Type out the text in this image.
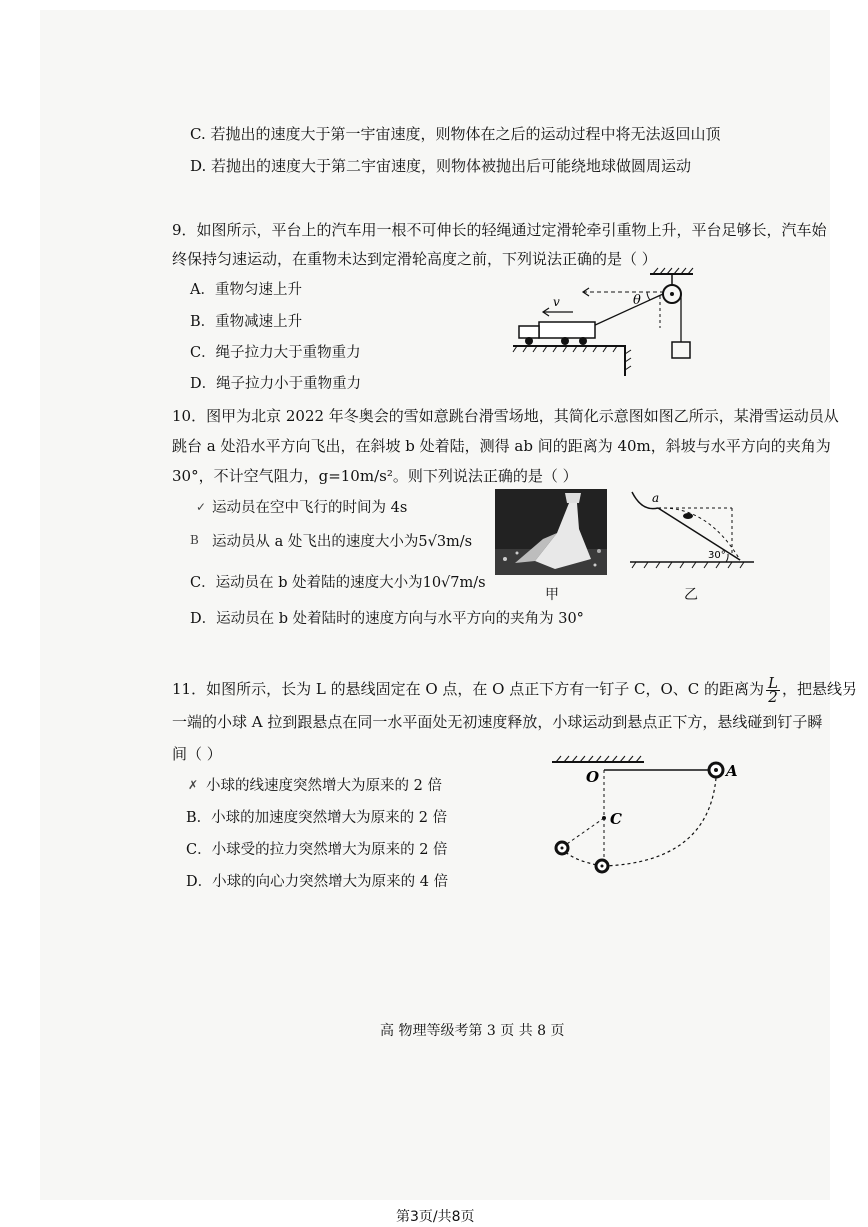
C. 若抛出的速度大于第一宇宙速度，则物体在之后的运动过程中将无法返回山顶
D. 若抛出的速度大于第二宇宙速度，则物体被抛出后可能绕地球做圆周运动
9．如图所示，平台上的汽车用一根不可伸长的轻绳通过定滑轮牵引重物上升，平台足够长，汽车始
终保持匀速运动，在重物未达到定滑轮高度之前，下列说法正确的是（ ）
A．重物匀速上升
B．重物减速上升
C．绳子拉力大于重物重力
D．绳子拉力小于重物重力
θ
v
10．图甲为北京 2022 年冬奥会的雪如意跳台滑雪场地，其简化示意图如图乙所示，某滑雪运动员从
跳台 a 处沿水平方向飞出，在斜坡 b 处着陆，测得 ab 间的距离为 40m，斜坡与水平方向的夹角为
30°，不计空气阻力，g=10m/s²。则下列说法正确的是（ ）
✓ 运动员在空中飞行的时间为 4s
B 运动员从 a 处飞出的速度大小为5√3m/s
C．运动员在 b 处着陆的速度大小为10√7m/s
D．运动员在 b 处着陆时的速度方向与水平方向的夹角为 30°
甲
a
30°
乙
11．如图所示，长为 L 的悬线固定在 O 点，在 O 点正下方有一钉子 C，O、C 的距离为 $\frac{L}{2}$ ，把悬线另
一端的小球 A 拉到跟悬点在同一水平面处无初速度释放，小球运动到悬点正下方，悬线碰到钉子瞬
间（ ）
✗ 小球的线速度突然增大为原来的 2 倍
B．小球的加速度突然增大为原来的 2 倍
C．小球受的拉力突然增大为原来的 2 倍
D．小球的向心力突然增大为原来的 4 倍
O	A
C
高 物理等级考第 3 页 共 8 页
第3页/共8页
